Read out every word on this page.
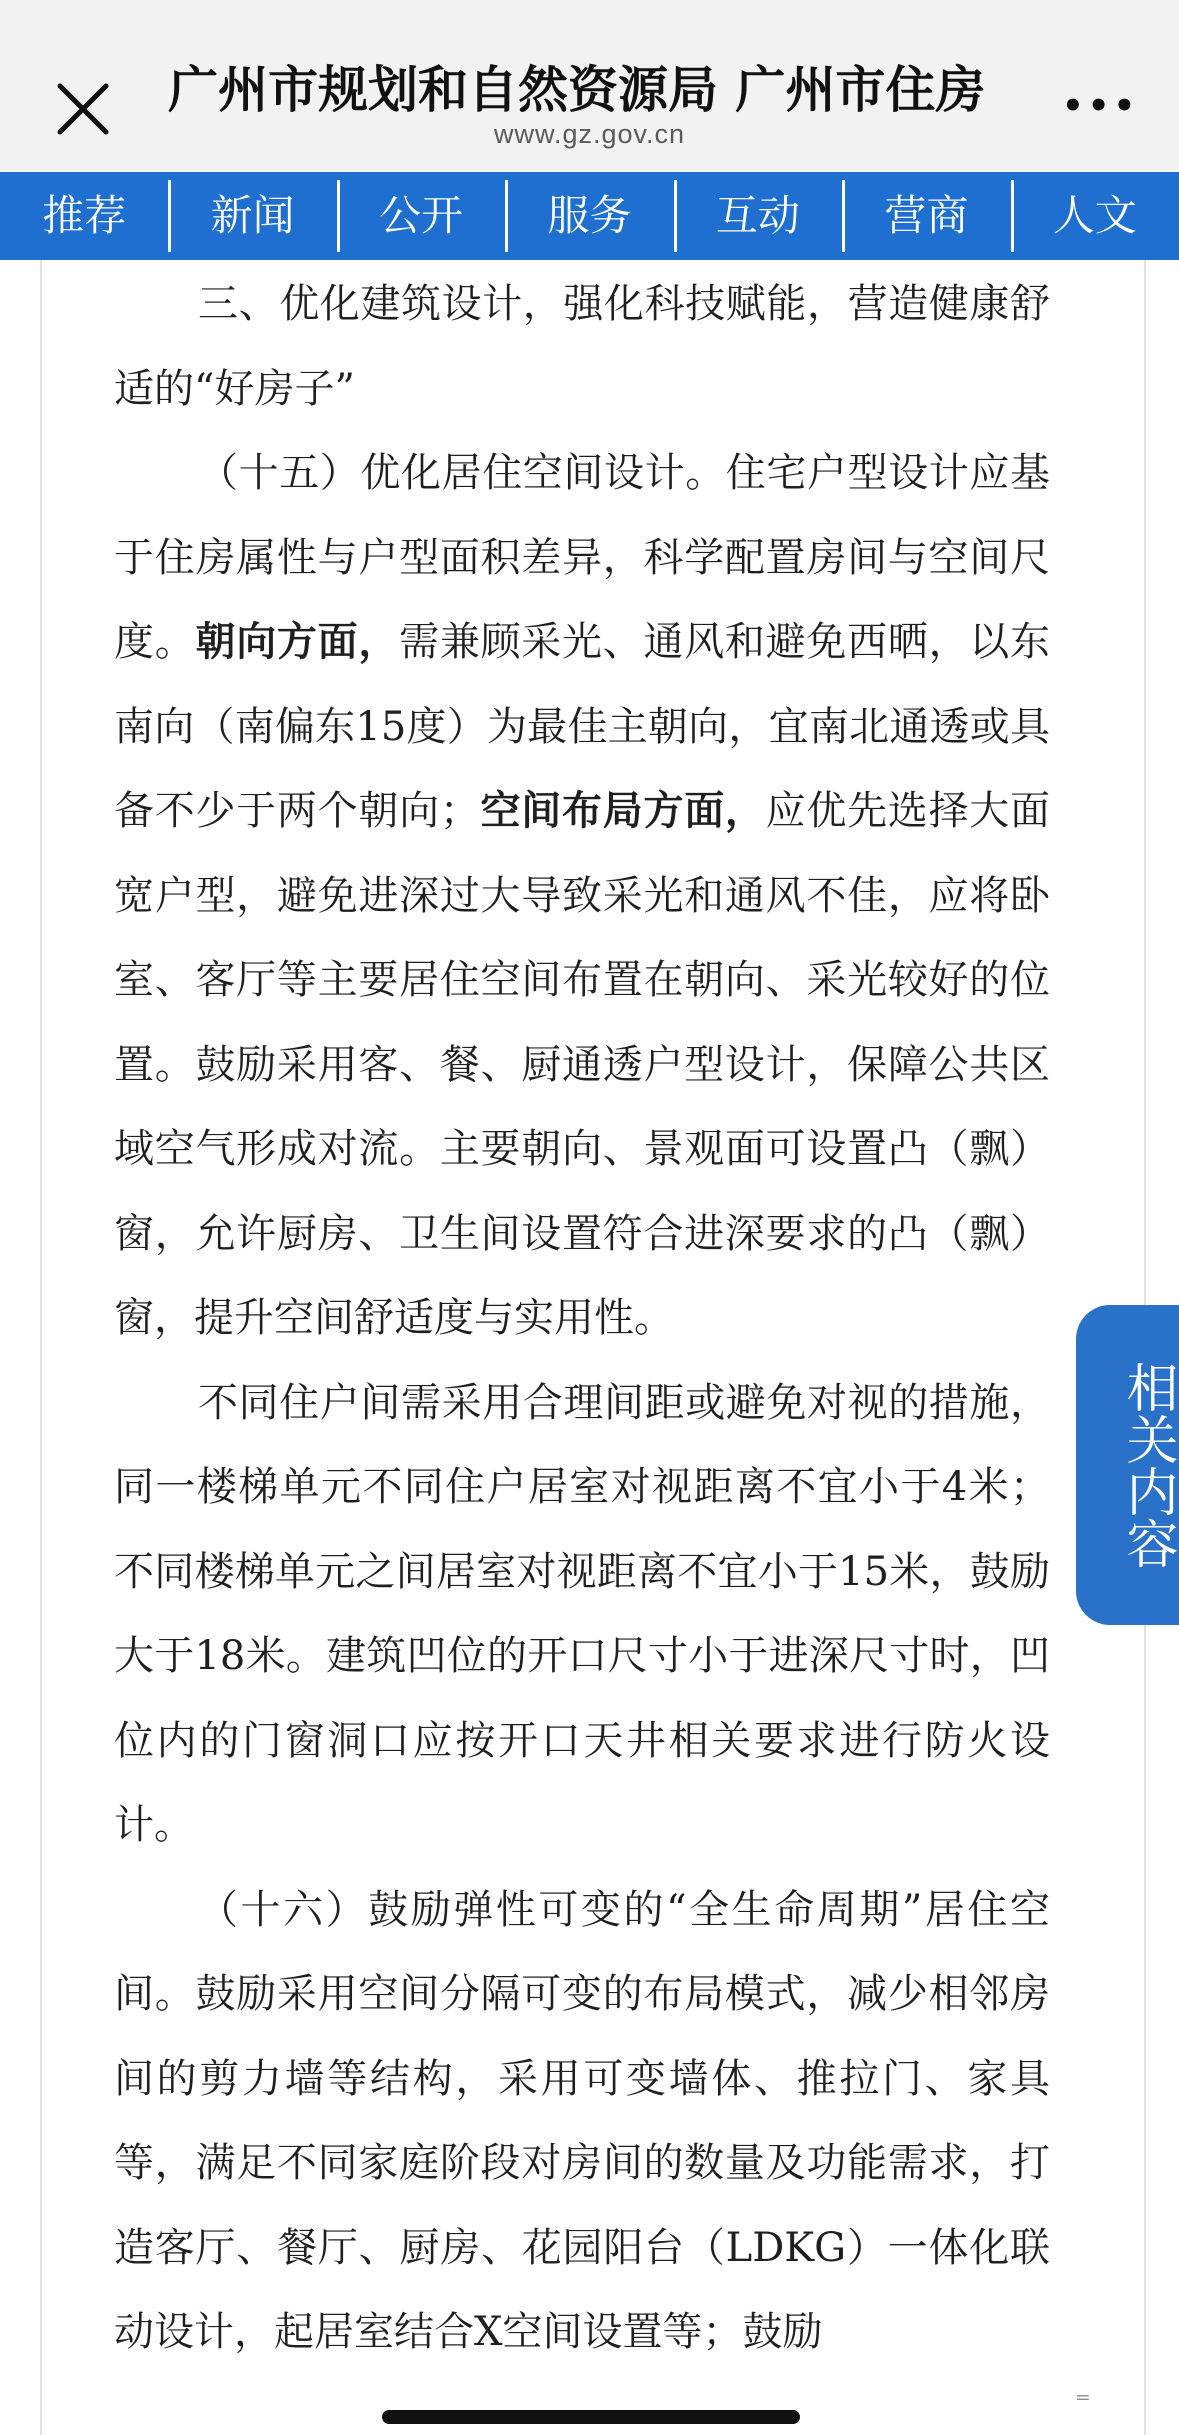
广州市规划和自然资源局 广州市住房
www.gz.gov.cn
•••
推荐	新闻	公开	服务	互动	营商	人文

三、优化建筑设计，强化科技赋能，营造健康舒适的“好房子”

（十五）优化居住空间设计。住宅户型设计应基于住房属性与户型面积差异，科学配置房间与空间尺度。朝向方面，需兼顾采光、通风和避免西晒，以东南向（南偏东15度）为最佳主朝向，宜南北通透或具备不少于两个朝向；空间布局方面，应优先选择大面宽户型，避免进深过大导致采光和通风不佳，应将卧室、客厅等主要居住空间布置在朝向、采光较好的位置。鼓励采用客、餐、厨通透户型设计，保障公共区域空气形成对流。主要朝向、景观面可设置凸（飘）窗，允许厨房、卫生间设置符合进深要求的凸（飘）窗，提升空间舒适度与实用性。

不同住户间需采用合理间距或避免对视的措施，同一楼梯单元不同住户居室对视距离不宜小于4米；不同楼梯单元之间居室对视距离不宜小于15米，鼓励大于18米。建筑凹位的开口尺寸小于进深尺寸时，凹位内的门窗洞口应按开口天井相关要求进行防火设计。

（十六）鼓励弹性可变的“全生命周期”居住空间。鼓励采用空间分隔可变的布局模式，减少相邻房间的剪力墙等结构，采用可变墙体、推拉门、家具等，满足不同家庭阶段对房间的数量及功能需求，打造客厅、餐厅、厨房、花园阳台（LDKG）一体化联动设计，起居室结合X空间设置等；鼓励

相关内容
⁼
